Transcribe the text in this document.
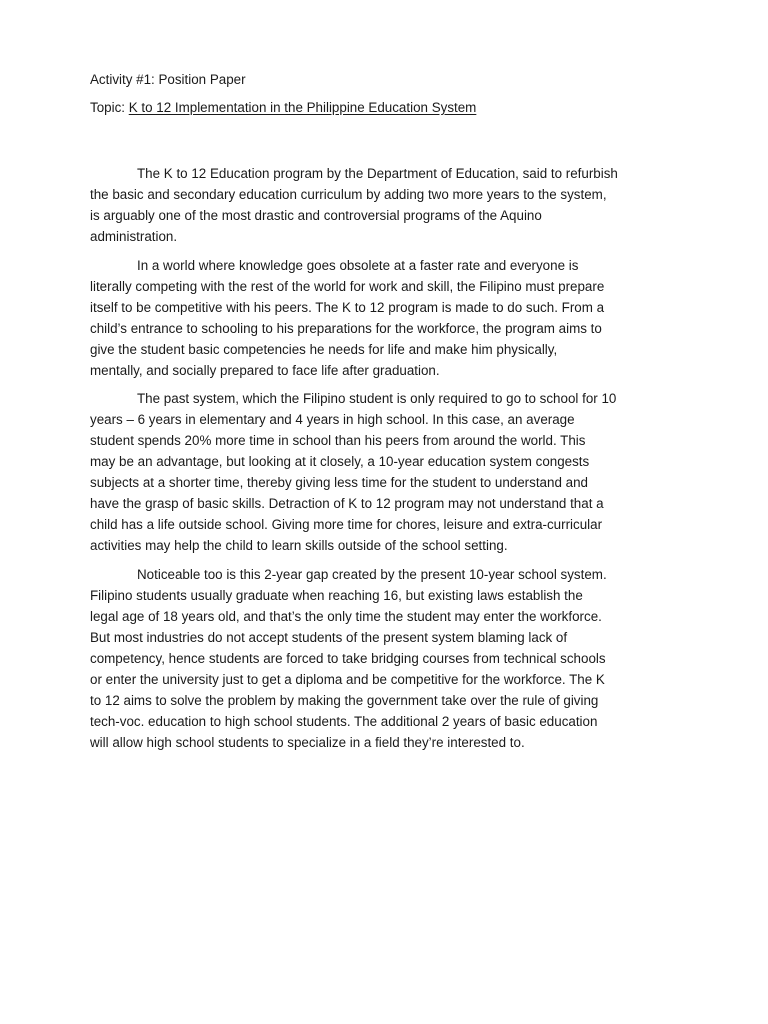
Activity #1: Position Paper

Topic: K to 12 Implementation in the Philippine Education System

The K to 12 Education program by the Department of Education, said to refurbish
the basic and secondary education curriculum by adding two more years to the system,
is arguably one of the most drastic and controversial programs of the Aquino
administration.
In a world where knowledge goes obsolete at a faster rate and everyone is
literally competing with the rest of the world for work and skill, the Filipino must prepare
itself to be competitive with his peers. The K to 12 program is made to do such. From a
child’s entrance to schooling to his preparations for the workforce, the program aims to
give the student basic competencies he needs for life and make him physically,
mentally, and socially prepared to face life after graduation.
The past system, which the Filipino student is only required to go to school for 10
years – 6 years in elementary and 4 years in high school. In this case, an average
student spends 20% more time in school than his peers from around the world. This
may be an advantage, but looking at it closely, a 10-year education system congests
subjects at a shorter time, thereby giving less time for the student to understand and
have the grasp of basic skills. Detraction of K to 12 program may not understand that a
child has a life outside school. Giving more time for chores, leisure and extra-curricular
activities may help the child to learn skills outside of the school setting.
Noticeable too is this 2-year gap created by the present 10-year school system.
Filipino students usually graduate when reaching 16, but existing laws establish the
legal age of 18 years old, and that’s the only time the student may enter the workforce.
But most industries do not accept students of the present system blaming lack of
competency, hence students are forced to take bridging courses from technical schools
or enter the university just to get a diploma and be competitive for the workforce. The K
to 12 aims to solve the problem by making the government take over the rule of giving
tech-voc. education to high school students. The additional 2 years of basic education
will allow high school students to specialize in a field they’re interested to.
